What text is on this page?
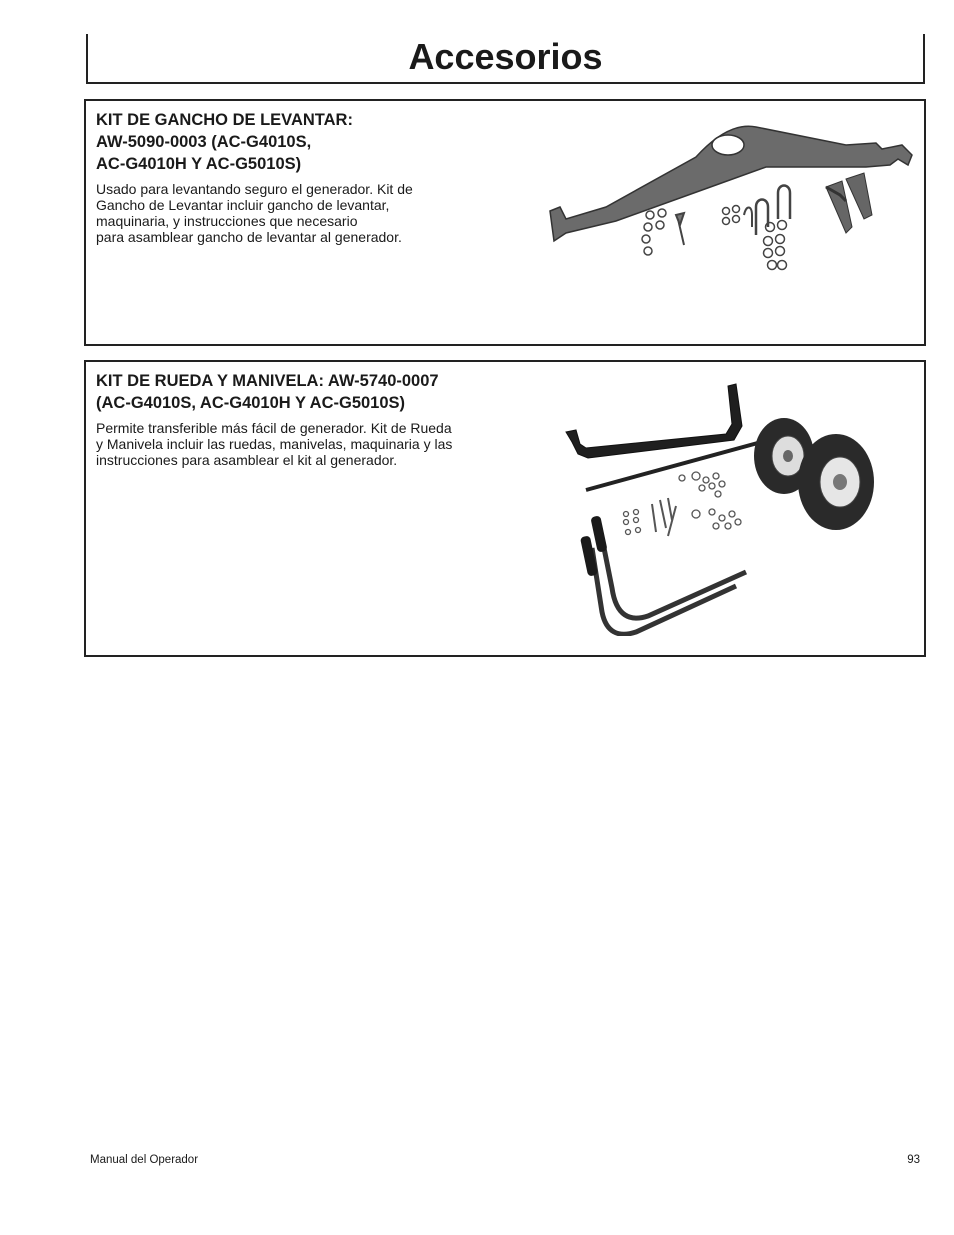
Accesorios
KIT DE GANCHO DE LEVANTAR:
AW-5090-0003 (AC-G4010S,
AC-G4010H Y AC-G5010S)

Usado para levantando seguro el generador. Kit de
Gancho de Levantar incluir gancho de levantar,
maquinaria, y instrucciones que necesario
para asamblear gancho de levantar al generador.

KIT DE RUEDA Y MANIVELA: AW-5740-0007
(AC-G4010S, AC-G4010H Y AC-G5010S)

Permite transferible más fácil de generador. Kit de Rueda
y Manivela incluir las ruedas, manivelas, maquinaria y las
instrucciones para asamblear el kit al generador.

Manual del Operador	93
